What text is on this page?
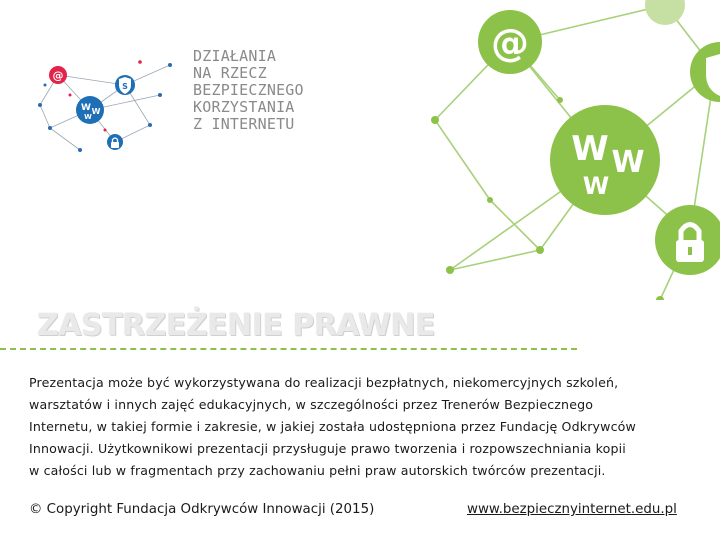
@
S
W W
W
DZIAŁANIA
NA RZECZ
BEZPIECZNEGO
KORZYSTANIA
Z INTERNETU
@
W W
W
ZASTRZEŻENIE PRAWNE
Prezentacja może być wykorzystywana do realizacji bezpłatnych, niekomercyjnych szkoleń,
warsztatów i innych zajęć edukacyjnych, w szczególności przez Trenerów Bezpiecznego
Internetu, w takiej formie i zakresie, w jakiej została udostępniona przez Fundację Odkrywców
Innowacji. Użytkownikowi prezentacji przysługuje prawo tworzenia i rozpowszechniania kopii
w całości lub w fragmentach przy zachowaniu pełni praw autorskich twórców prezentacji.
© Copyright Fundacja Odkrywców Innowacji (2015)	www.bezpiecznyinternet.edu.pl
